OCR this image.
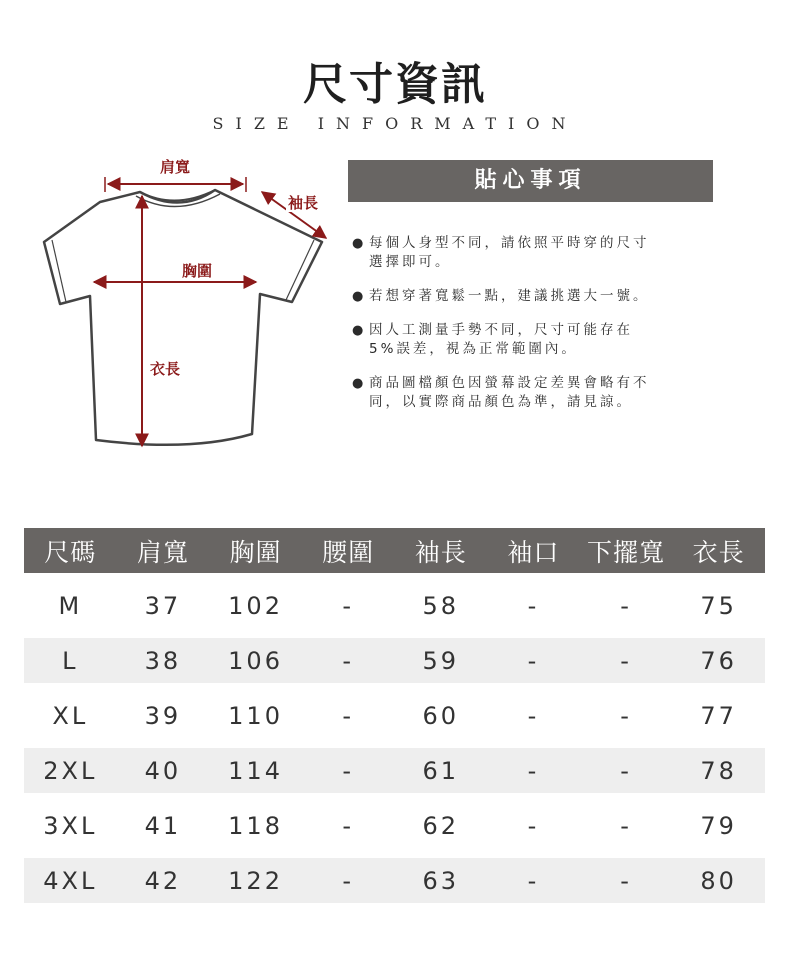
尺寸資訊
SIZE INFORMATION
肩寬
袖長
胸圍
衣長
貼心事項
● 每個人身型不同，請依照平時穿的尺寸
選擇即可。
● 若想穿著寬鬆一點，建議挑選大一號。
● 因人工測量手勢不同，尺寸可能存在
5%誤差，視為正常範圍內。
● 商品圖檔顏色因螢幕設定差異會略有不
同，以實際商品顏色為準，請見諒。
尺碼	肩寬	胸圍	腰圍	袖長	袖口	下擺寬	衣長
M	37	102	-	58	-	-	75
L	38	106	-	59	-	-	76
XL	39	110	-	60	-	-	77
2XL	40	114	-	61	-	-	78
3XL	41	118	-	62	-	-	79
4XL	42	122	-	63	-	-	80
